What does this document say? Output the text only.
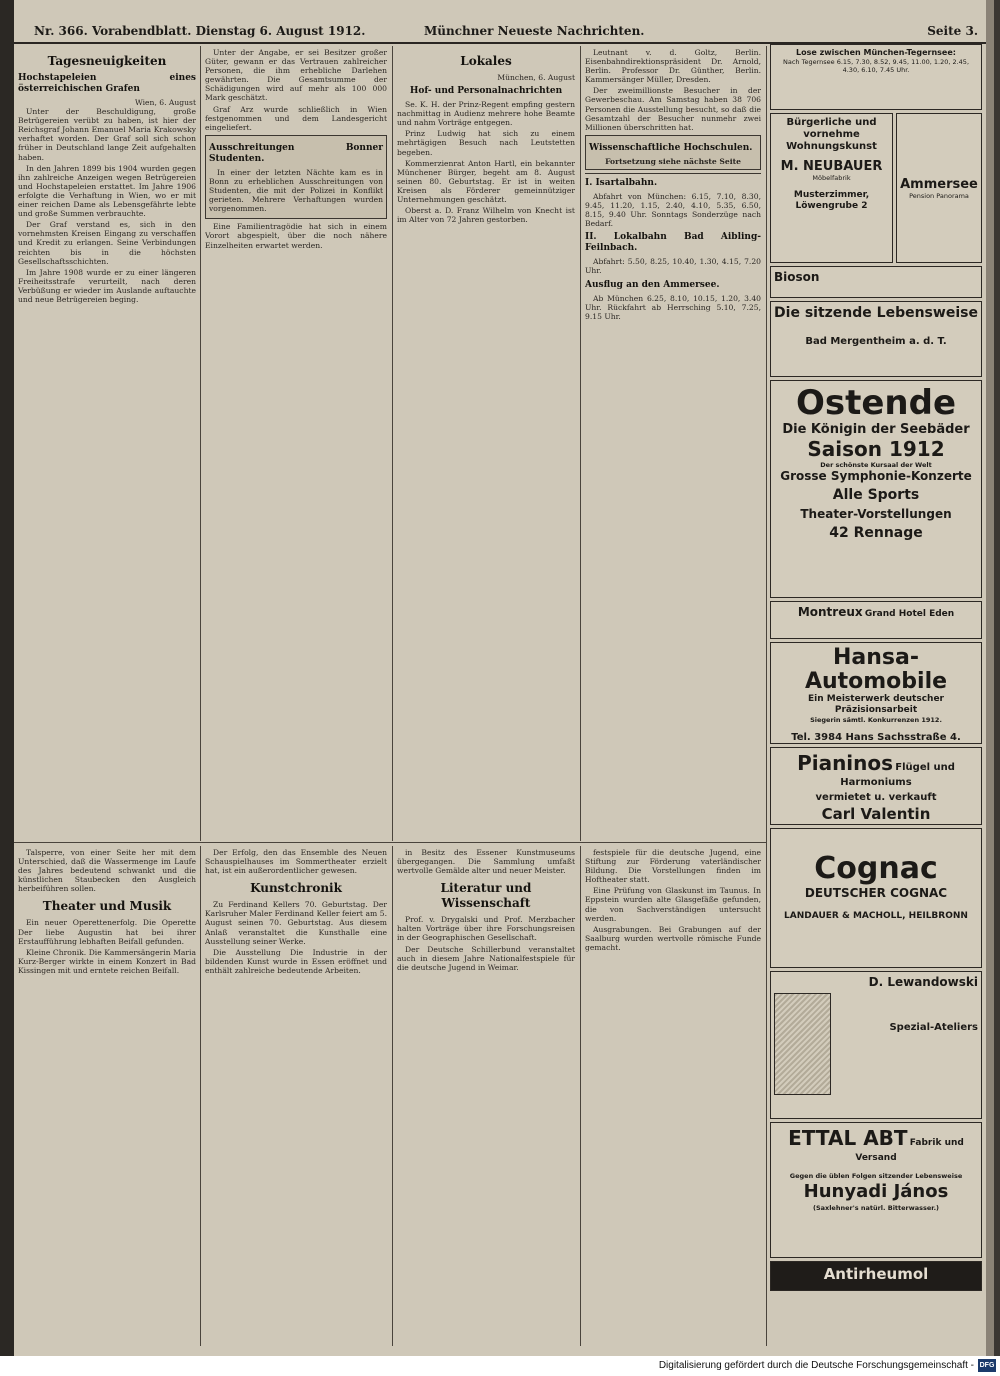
Nr. 366. Vorabendblatt. Dienstag 6. August 1912.	Münchner Neueste Nachrichten.	Seite 3.
Tagesneuigkeiten
Hochstapeleien eines österreichischen Grafen
Wien, 6. August

Unter der Beschuldigung, große Betrügereien verübt zu haben, ist hier der Reichsgraf Johann Emanuel Maria Krakowsky verhaftet worden. Der Graf soll sich schon früher in Deutschland lange Zeit aufgehalten haben.

In den Jahren 1899 bis 1904 wurden gegen ihn zahlreiche Anzeigen wegen Betrügereien und Hochstapeleien erstattet. Im Jahre 1906 erfolgte die Verhaftung in Wien, wo er mit einer reichen Dame als Lebensgefährte lebte und große Summen verbrauchte.

Der Graf verstand es, sich in den vornehmsten Kreisen Eingang zu verschaffen und Kredit zu erlangen. Seine Verbindungen reichten bis in die höchsten Gesellschaftsschichten.

Im Jahre 1908 wurde er zu einer längeren Freiheitsstrafe verurteilt, nach deren Verbüßung er wieder im Auslande auftauchte und neue Betrügereien beging.

Unter der Angabe, er sei Besitzer großer Güter, gewann er das Vertrauen zahlreicher Personen, die ihm erhebliche Darlehen gewährten. Die Gesamtsumme der Schädigungen wird auf mehr als 100 000 Mark geschätzt.

Graf Arz wurde schließlich in Wien festgenommen und dem Landesgericht eingeliefert.

Ausschreitungen Bonner Studenten.

In einer der letzten Nächte kam es in Bonn zu erheblichen Ausschreitungen von Studenten, die mit der Polizei in Konflikt gerieten. Mehrere Verhaftungen wurden vorgenommen.

Eine Familientragödie hat sich in einem Vorort abgespielt, über die noch nähere Einzelheiten erwartet werden.

Lokales
München, 6. August
Hof- und Personalnachrichten

Se. K. H. der Prinz-Regent empfing gestern nachmittag in Audienz mehrere hohe Beamte und nahm Vorträge entgegen.

Prinz Ludwig hat sich zu einem mehrtägigen Besuch nach Leutstetten begeben.

Kommerzienrat Anton Hartl, ein bekannter Münchener Bürger, begeht am 8. August seinen 80. Geburtstag. Er ist in weiten Kreisen als Förderer gemeinnütziger Unternehmungen geschätzt.

Oberst a. D. Franz Wilhelm von Knecht ist im Alter von 72 Jahren gestorben.

Leutnant v. d. Goltz, Berlin. Eisenbahndirektionspräsident Dr. Arnold, Berlin. Professor Dr. Günther, Berlin. Kammersänger Müller, Dresden.

Der zweimillionste Besucher in der Gewerbeschau. Am Samstag haben 38 706 Personen die Ausstellung besucht, so daß die Gesamtzahl der Besucher nunmehr zwei Millionen überschritten hat.

Wissenschaftliche Hochschulen.
Fortsetzung siehe nächste Seite
I. Isartalbahn.

Abfahrt von München: 6.15, 7.10, 8.30, 9.45, 11.20, 1.15, 2.40, 4.10, 5.35, 6.50, 8.15, 9.40 Uhr. Sonntags Sonderzüge nach Bedarf.

II. Lokalbahn Bad Aibling-Feilnbach.

Abfahrt: 5.50, 8.25, 10.40, 1.30, 4.15, 7.20 Uhr.

Ausflug an den Ammersee.

Ab München 6.25, 8.10, 10.15, 1.20, 3.40 Uhr. Rückfahrt ab Herrsching 5.10, 7.25, 9.15 Uhr.

Talsperre, von einer Seite her mit dem Unterschied, daß die Wassermenge im Laufe des Jahres bedeutend schwankt und die künstlichen Staubecken den Ausgleich herbeiführen sollen.

Theater und Musik

Ein neuer Operettenerfolg. Die Operette Der liebe Augustin hat bei ihrer Erstaufführung lebhaften Beifall gefunden.

Kleine Chronik. Die Kammersängerin Maria Kurz-Berger wirkte in einem Konzert in Bad Kissingen mit und erntete reichen Beifall.

Der Erfolg, den das Ensemble des Neuen Schauspielhauses im Sommertheater erzielt hat, ist ein außerordentlicher gewesen.

Kunstchronik

Zu Ferdinand Kellers 70. Geburtstag. Der Karlsruher Maler Ferdinand Keller feiert am 5. August seinen 70. Geburtstag. Aus diesem Anlaß veranstaltet die Kunsthalle eine Ausstellung seiner Werke.

Die Ausstellung Die Industrie in der bildenden Kunst wurde in Essen eröffnet und enthält zahlreiche bedeutende Arbeiten.

in Besitz des Essener Kunstmuseums übergegangen. Die Sammlung umfaßt wertvolle Gemälde alter und neuer Meister.

Literatur und Wissenschaft

Prof. v. Drygalski und Prof. Merzbacher halten Vorträge über ihre Forschungsreisen in der Geographischen Gesellschaft.

Der Deutsche Schillerbund veranstaltet auch in diesem Jahre Nationalfestspiele für die deutsche Jugend in Weimar.

festspiele für die deutsche Jugend, eine Stiftung zur Förderung vaterländischer Bildung. Die Vorstellungen finden im Hoftheater statt.

Eine Prüfung von Glaskunst im Taunus. In Eppstein wurden alte Glasgefäße gefunden, die von Sachverständigen untersucht werden.

Ausgrabungen. Bei Grabungen auf der Saalburg wurden wertvolle römische Funde gemacht.

Lose zwischen München-Tegernsee:
Nach Tegernsee 6.15, 7.30, 8.52, 9.45, 11.00, 1.20, 2.45, 4.30, 6.10, 7.45 Uhr.
Bürgerliche und vornehme Wohnungskunst
M. NEUBAUER
Möbelfabrik
Musterzimmer, Löwengrube 2
Ammersee
Pension Panorama
Bioson
Die sitzende Lebensweise
Bad Mergentheim a. d. T.
Ostende
Die Königin der Seebäder
Saison 1912
Der schönste Kursaal der Welt
Grosse Symphonie-Konzerte
Alle Sports
Theater-Vorstellungen
42 Rennage
Montreux Grand Hotel Eden
Hansa-Automobile
Ein Meisterwerk deutscher Präzisionsarbeit
Siegerin sämtl. Konkurrenzen 1912.
Tel. 3984 Hans Sachsstraße 4.
Pianinos Flügel und Harmoniums
vermietet u. verkauft
Carl Valentin
Cognac
DEUTSCHER COGNAC
LANDAUER & MACHOLL, HEILBRONN
D. Lewandowski
Spezial-Ateliers
ETTAL ABT Fabrik und Versand
Gegen die üblen Folgen sitzender Lebensweise
Hunyadi János
(Saxlehner's natürl. Bitterwasser.)
Antirheumol
Digitalisierung gefördert durch die Deutsche Forschungsgemeinschaft - DFG
